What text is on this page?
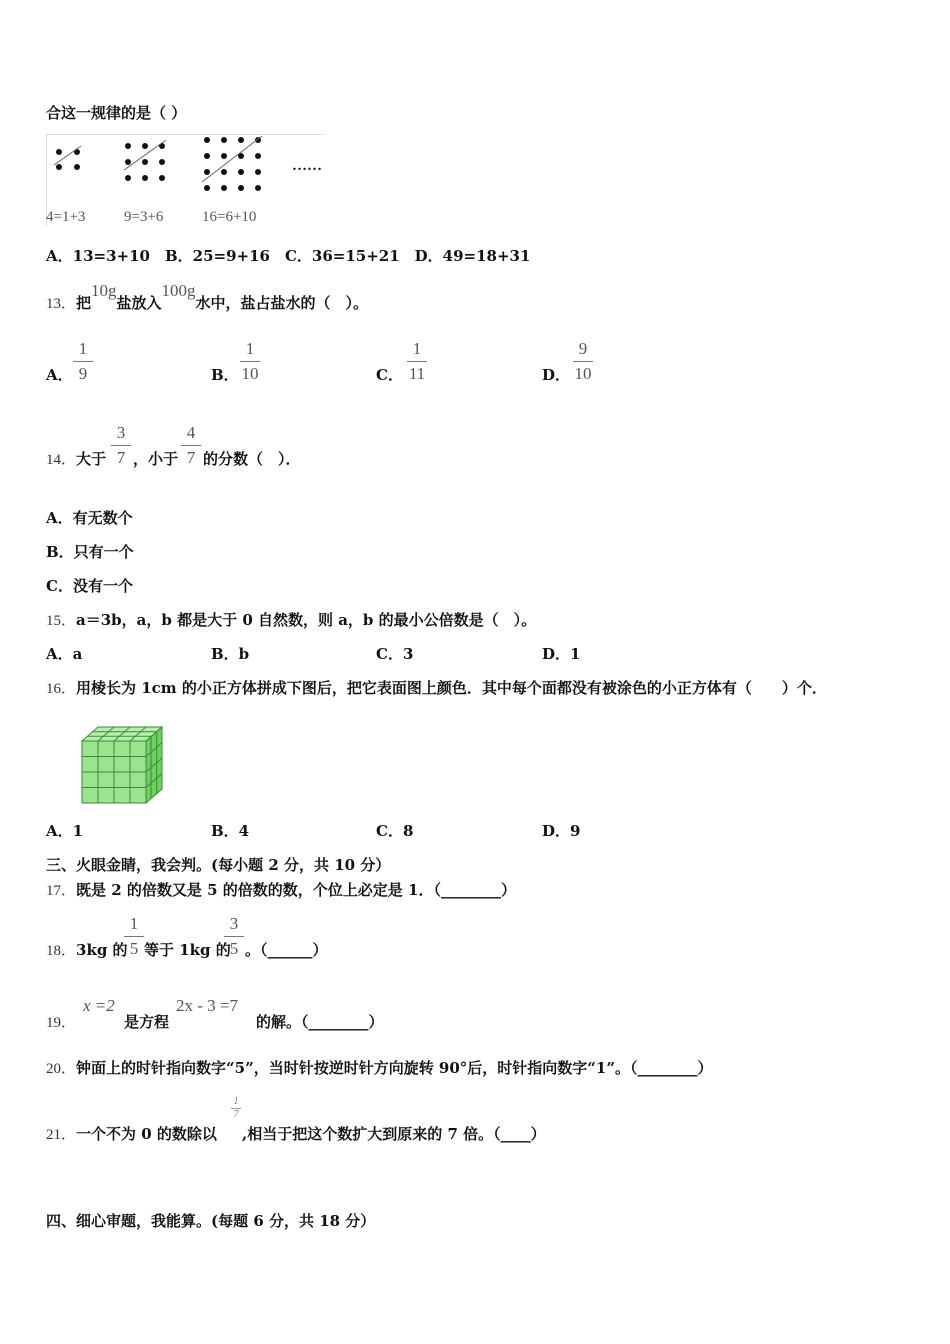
合这一规律的是（ ）
4=1+3	9=3+6	16=6+10
……
A．13=3+10　B．25=9+16　C．36=15+21　D．49=18+31
13．把10g盐放入100g水中，盐占盐水的（　）。
A．
1
9	B．
1
10	C．
1
11	D．
9
10
14．大于
3
7 ，小于
4
7 的分数（　）．
A．有无数个
B．只有一个
C．没有一个
15．a＝3b，a，b 都是大于 0 自然数，则 a，b 的最小公倍数是（　）。
A．a	B．b	C．3	D．1
16．用棱长为 1cm 的小正方体拼成下图后，把它表面图上颜色．其中每个面都没有被涂色的小正方体有（　　）个．
A．1	B．4	C．8	D．9
三、火眼金睛，我会判。(每小题 2 分，共 10 分）
17．既是 2 的倍数又是 5 的倍数的数，个位上必定是 1．（________）
18．3kg 的
1
5 等于 1kg 的
3
5 。（______）
19．
x =2
是方程
2x - 3 =7
的解。（________）
20．钟面上的时针指向数字“5”，当时针按逆时针方向旋转 90°后，时针指向数字“1”。（________）
21．一个不为 0 的数除以
1
7
,相当于把这个数扩大到原来的 7 倍。（____）
四、细心审题，我能算。(每题 6 分，共 18 分）
